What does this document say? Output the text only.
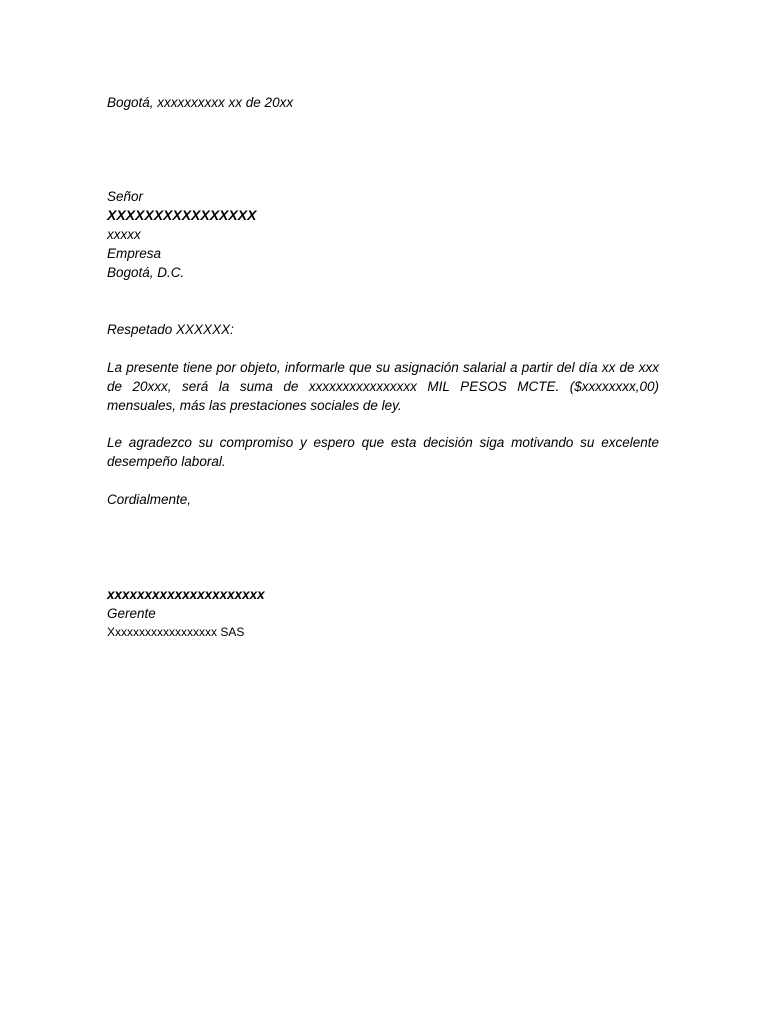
Bogotá, xxxxxxxxxx xx de 20xx
Señor
XXXXXXXXXXXXXXXX
xxxxx
Empresa
Bogotá, D.C.
Respetado XXXXXX:
La presente tiene por objeto, informarle que su asignación salarial a partir del día xx de xxx de 20xxx, será la suma de xxxxxxxxxxxxxxxx MIL PESOS MCTE. ($xxxxxxxx,00) mensuales, más las prestaciones sociales de ley.
Le agradezco su compromiso y espero que esta decisión siga motivando su excelente desempeño laboral.
Cordialmente,
xxxxxxxxxxxxxxxxxxxxx
Gerente
Xxxxxxxxxxxxxxxxxx SAS
